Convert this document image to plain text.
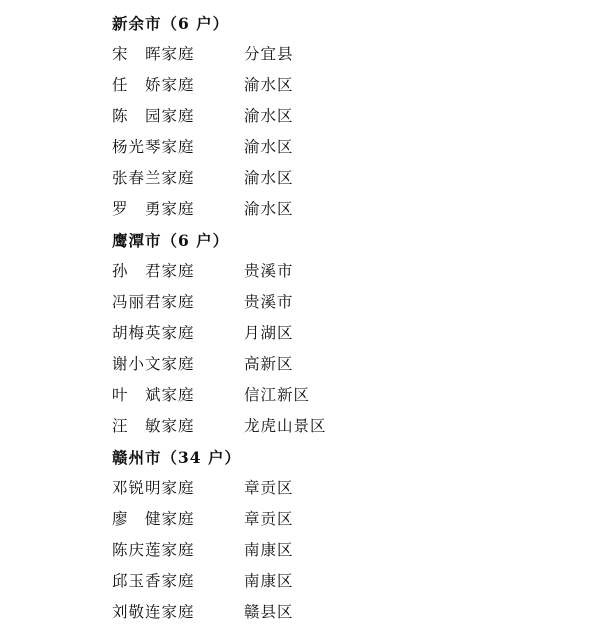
新余市（6 户）
宋　晖家庭	分宜县
任　娇家庭	渝水区
陈　园家庭	渝水区
杨光琴家庭	渝水区
张春兰家庭	渝水区
罗　勇家庭	渝水区
鹰潭市（6 户）
孙　君家庭	贵溪市
冯丽君家庭	贵溪市
胡梅英家庭	月湖区
谢小文家庭	高新区
叶　斌家庭	信江新区
汪　敏家庭	龙虎山景区
赣州市（34 户）
邓锐明家庭	章贡区
廖　健家庭	章贡区
陈庆莲家庭	南康区
邱玉香家庭	南康区
刘敬连家庭	赣县区
